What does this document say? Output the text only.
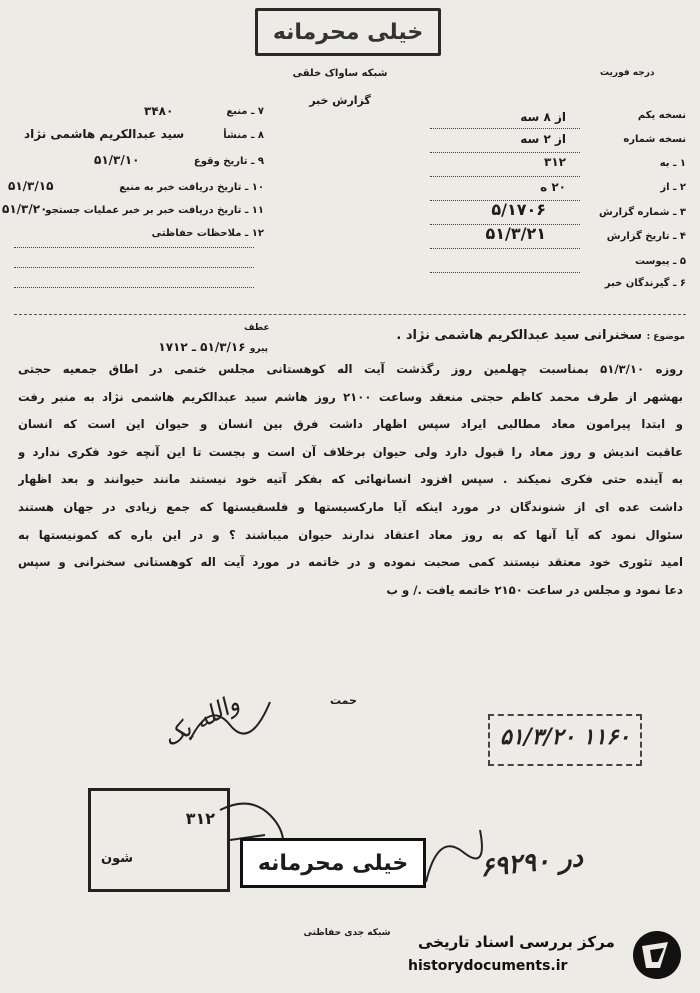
خیلی محرمانه
شبکه ساواک خلقی
گزارش خبر
درجه فوریت
۷ ـ منبع
۳۴۸۰
۸ ـ منشأ
سید عبدالکریم هاشمی نژاد
۹ ـ تاریخ وقوع
۵۱/۳/۱۰
۱۰ ـ تاریخ دریافت خبر به منبع
۵۱/۳/۱۵
۱۱ ـ تاریخ دریافت خبر بر خبر عملیات جستجو
۵۱/۳/۲۰
۱۲ ـ ملاحظات حفاظتی
نسخه یکم
از ۸ سه
نسخه شماره
از ۲ سه
۱ ـ به
۳۱۲
۲ ـ از
۲۰ ه
۳ ـ شماره گزارش
۵/۱۷۰۶
۴ ـ تاریخ گزارش
۵۱/۳/۲۱
۵ ـ پیوست
۶ ـ گیرندگان خبر
موضوع : سخنرانی سید عبدالکریم هاشمی نژاد .
عطف
پیرو ۵۱/۳/۱۶ ـ ۱۷۱۲
روزه ۵۱/۳/۱۰ بمناسبت چهلمین روز رگذشت آیت اله کوهستانی مجلس ختمی در اطاق جمعیه حجتی
بهشهر از طرف محمد کاظم حجتی منعقد وساعت ۲۱۰۰ روز هاشم سید عبدالکریم هاشمی نژاد به منبر رفت
و ابتدا پیرامون معاد مطالبی ایراد سپس اظهار داشت فرق بین انسان و حیوان این است که انسان
عاقبت اندیش و روز معاد را قبول دارد ولی حیوان برخلاف آن است و بجست تا این آنچه خود فکری ندارد و
به آینده حتی فکری نمیکند . سپس افزود انسانهائی که بفکر آتیه خود نیستند مانند حیوانند و بعد اظهار
داشت عده ای از شنوندگان در مورد اینکه آیا مارکسیستها و فلسفیستها که جمع زیادی در جهان هستند
سئوال نمود که آیا آنها که به روز معاد اعتقاد ندارند حیوان میباشند ؟ و در این باره که کمونیستها به
امید تئوری خود معتقد نیستند کمی صحبت نموده و در خاتمه در مورد آیت اله کوهستانی سخنرانی و سپس
دعا نمود و مجلس در ساعت ۲۱۵۰ خاتمه یافت ./ و ب
حمت
والله یک	۵۱/۳/۲۰ ۱۱۶۰
۳۱۲
شون	خیلی محرمانه	در ۶۹۲۹۰
شبکه جدی حفاظتی مرکز بررسی اسناد تاریخی
historydocuments.ir
